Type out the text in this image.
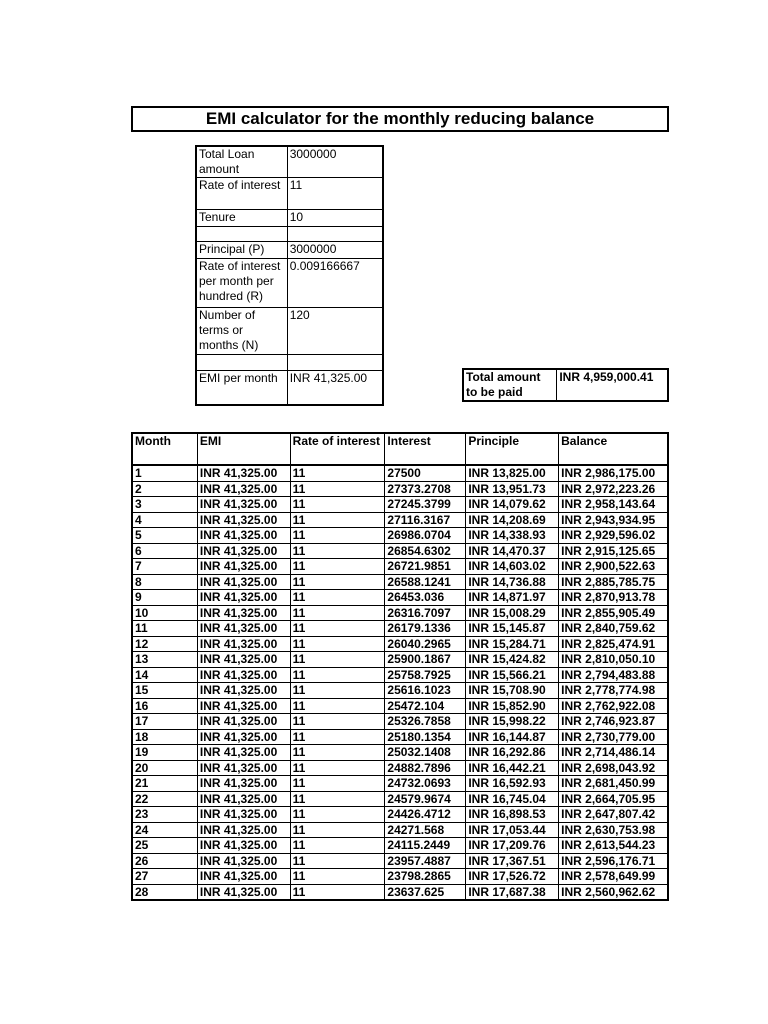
EMI calculator for the monthly reducing balance
Total Loan amount	3000000
Rate of interest	11
Tenure	10

Principal (P)	3000000
Rate of interest per month per hundred (R)	0.009166667
Number of terms or months (N)	120

EMI per month	INR 41,325.00	Total amount to be paid	INR 4,959,000.41
Month	EMI	Rate of interest	Interest	Principle	Balance
1	INR 41,325.00	11	27500	INR 13,825.00	INR 2,986,175.00
2	INR 41,325.00	11	27373.2708	INR 13,951.73	INR 2,972,223.26
3	INR 41,325.00	11	27245.3799	INR 14,079.62	INR 2,958,143.64
4	INR 41,325.00	11	27116.3167	INR 14,208.69	INR 2,943,934.95
5	INR 41,325.00	11	26986.0704	INR 14,338.93	INR 2,929,596.02
6	INR 41,325.00	11	26854.6302	INR 14,470.37	INR 2,915,125.65
7	INR 41,325.00	11	26721.9851	INR 14,603.02	INR 2,900,522.63
8	INR 41,325.00	11	26588.1241	INR 14,736.88	INR 2,885,785.75
9	INR 41,325.00	11	26453.036	INR 14,871.97	INR 2,870,913.78
10	INR 41,325.00	11	26316.7097	INR 15,008.29	INR 2,855,905.49
11	INR 41,325.00	11	26179.1336	INR 15,145.87	INR 2,840,759.62
12	INR 41,325.00	11	26040.2965	INR 15,284.71	INR 2,825,474.91
13	INR 41,325.00	11	25900.1867	INR 15,424.82	INR 2,810,050.10
14	INR 41,325.00	11	25758.7925	INR 15,566.21	INR 2,794,483.88
15	INR 41,325.00	11	25616.1023	INR 15,708.90	INR 2,778,774.98
16	INR 41,325.00	11	25472.104	INR 15,852.90	INR 2,762,922.08
17	INR 41,325.00	11	25326.7858	INR 15,998.22	INR 2,746,923.87
18	INR 41,325.00	11	25180.1354	INR 16,144.87	INR 2,730,779.00
19	INR 41,325.00	11	25032.1408	INR 16,292.86	INR 2,714,486.14
20	INR 41,325.00	11	24882.7896	INR 16,442.21	INR 2,698,043.92
21	INR 41,325.00	11	24732.0693	INR 16,592.93	INR 2,681,450.99
22	INR 41,325.00	11	24579.9674	INR 16,745.04	INR 2,664,705.95
23	INR 41,325.00	11	24426.4712	INR 16,898.53	INR 2,647,807.42
24	INR 41,325.00	11	24271.568	INR 17,053.44	INR 2,630,753.98
25	INR 41,325.00	11	24115.2449	INR 17,209.76	INR 2,613,544.23
26	INR 41,325.00	11	23957.4887	INR 17,367.51	INR 2,596,176.71
27	INR 41,325.00	11	23798.2865	INR 17,526.72	INR 2,578,649.99
28	INR 41,325.00	11	23637.625	INR 17,687.38	INR 2,560,962.62
